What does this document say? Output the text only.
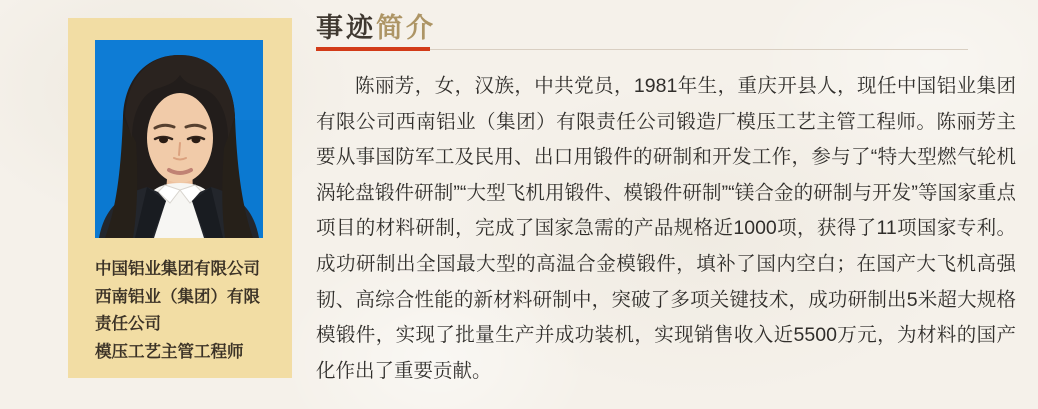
中国铝业集团有限公司
西南铝业（集团）有限
责任公司
模压工艺主管工程师
事迹简介
陈丽芳，女，汉族，中共党员，1981年生，重庆开县人，现任中国铝业集团有限公司西南铝业（集团）有限责任公司锻造厂模压工艺主管工程师。陈丽芳主要从事国防军工及民用、出口用锻件的研制和开发工作，参与了“特大型燃气轮机涡轮盘锻件研制”“大型飞机用锻件、模锻件研制”“镁合金的研制与开发”等国家重点项目的材料研制，完成了国家急需的产品规格近1000项，获得了11项国家专利。成功研制出全国最大型的高温合金模锻件，填补了国内空白；在国产大飞机高强韧、高综合性能的新材料研制中，突破了多项关键技术，成功研制出5米超大规格模锻件，实现了批量生产并成功装机，实现销售收入近5500万元，为材料的国产化作出了重要贡献。
